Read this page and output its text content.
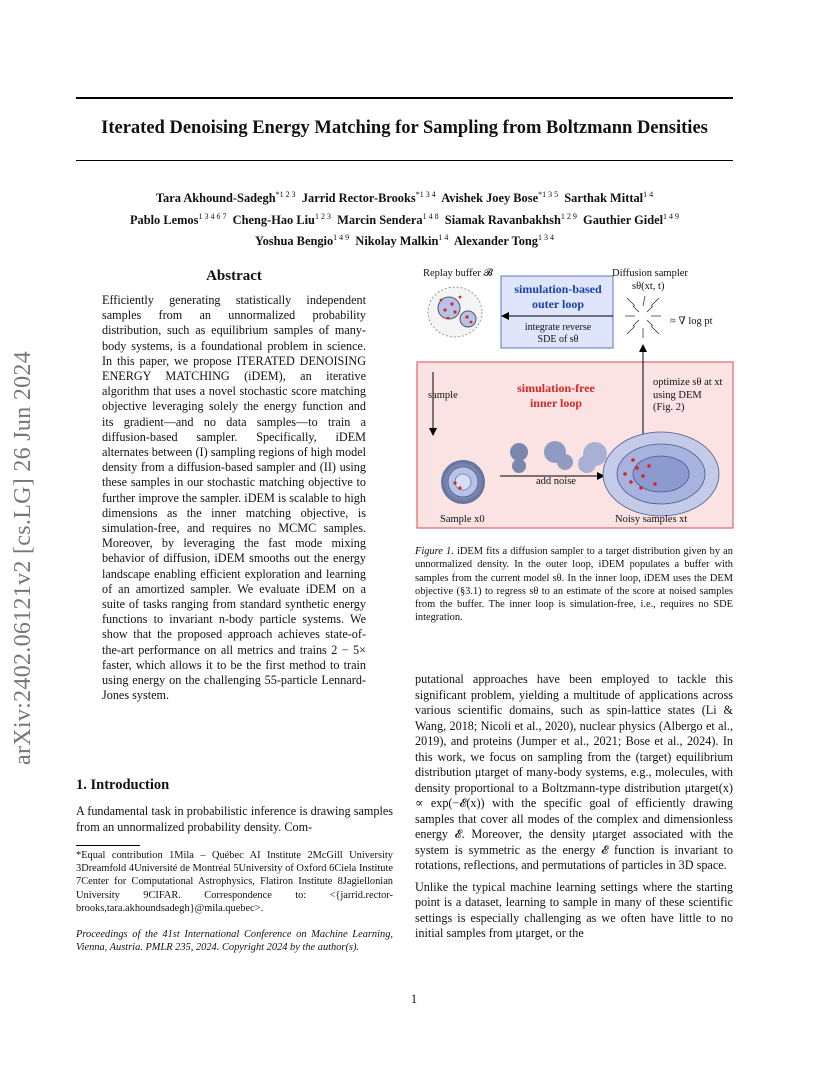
Iterated Denoising Energy Matching for Sampling from Boltzmann Densities
Tara Akhound-Sadegh$^{*1 2 3}$  Jarrid Rector-Brooks$^{*1 3 4}$  Avishek Joey Bose$^{*1 3 5}$  Sarthak Mittal$^{1 4}$
Pablo Lemos$^{1 3 4 6 7}$  Cheng-Hao Liu$^{1 2 3}$  Marcin Sendera$^{1 4 8}$  Siamak Ravanbakhsh$^{1 2 9}$  Gauthier Gidel$^{1 4 9}$
Yoshua Bengio$^{1 4 9}$  Nikolay Malkin$^{1 4}$  Alexander Tong$^{1 3 4}$
arXiv:2402.06121v2 [cs.LG] 26 Jun 2024
Abstract
Efficiently generating statistically independent samples from an unnormalized probability distribution, such as equilibrium samples of many-body systems, is a foundational problem in science. In this paper, we propose ITERATED DENOISING ENERGY MATCHING (iDEM), an iterative algorithm that uses a novel stochastic score matching objective leveraging solely the energy function and its gradient—and no data samples—to train a diffusion-based sampler. Specifically, iDEM alternates between (I) sampling regions of high model density from a diffusion-based sampler and (II) using these samples in our stochastic matching objective to further improve the sampler. iDEM is scalable to high dimensions as the inner matching objective, is simulation-free, and requires no MCMC samples. Moreover, by leveraging the fast mode mixing behavior of diffusion, iDEM smooths out the energy landscape enabling efficient exploration and learning of an amortized sampler. We evaluate iDEM on a suite of tasks ranging from standard synthetic energy functions to invariant n-body particle systems. We show that the proposed approach achieves state-of-the-art performance on all metrics and trains 2 − 5× faster, which allows it to be the first method to train using energy on the challenging 55-particle Lennard-Jones system.
1. Introduction
A fundamental task in probabilistic inference is drawing samples from an unnormalized probability density. Com-
*Equal contribution 1Mila – Québec AI Institute 2McGill University 3Dreamfold 4Université de Montréal 5University of Oxford 6Ciela Institute 7Center for Computational Astrophysics, Flatiron Institute 8Jagiellonian University 9CIFAR. Correspondence to: <{jarrid.rector-brooks,tara.akhoundsadegh}@mila.quebec>.
Proceedings of the 41st International Conference on Machine Learning, Vienna, Austria. PMLR 235, 2024. Copyright 2024 by the author(s).
Replay buffer 𝓑
simulation-based
outer loop
integrate reverse
SDE of sθ
Diffusion sampler
sθ(xt, t)
≈ ∇ log pt
simulation-free
inner loop
sample
optimize sθ at xt
using DEM
(Fig. 2)
add noise
Sample x0	Noisy samples xt
Figure 1. iDEM fits a diffusion sampler to a target distribution given by an unnormalized density. In the outer loop, iDEM populates a buffer with samples from the current model sθ. In the inner loop, iDEM uses the DEM objective (§3.1) to regress sθ to an estimate of the score at noised samples from the buffer. The inner loop is simulation-free, i.e., requires no SDE integration.

putational approaches have been employed to tackle this significant problem, yielding a multitude of applications across various scientific domains, such as spin-lattice states (Li & Wang, 2018; Nicoli et al., 2020), nuclear physics (Albergo et al., 2019), and proteins (Jumper et al., 2021; Bose et al., 2024). In this work, we focus on sampling from the (target) equilibrium distribution μtarget of many-body systems, e.g., molecules, with density proportional to a Boltzmann-type distribution μtarget(x) ∝ exp(−𝓔(x)) with the specific goal of efficiently drawing samples that cover all modes of the complex and dimensionless energy 𝓔. Moreover, the density μtarget associated with the system is symmetric as the energy 𝓔 function is invariant to rotations, reflections, and permutations of particles in 3D space.

Unlike the typical machine learning settings where the starting point is a dataset, learning to sample in many of these scientific settings is especially challenging as we often have little to no initial samples from μtarget, or the

1
